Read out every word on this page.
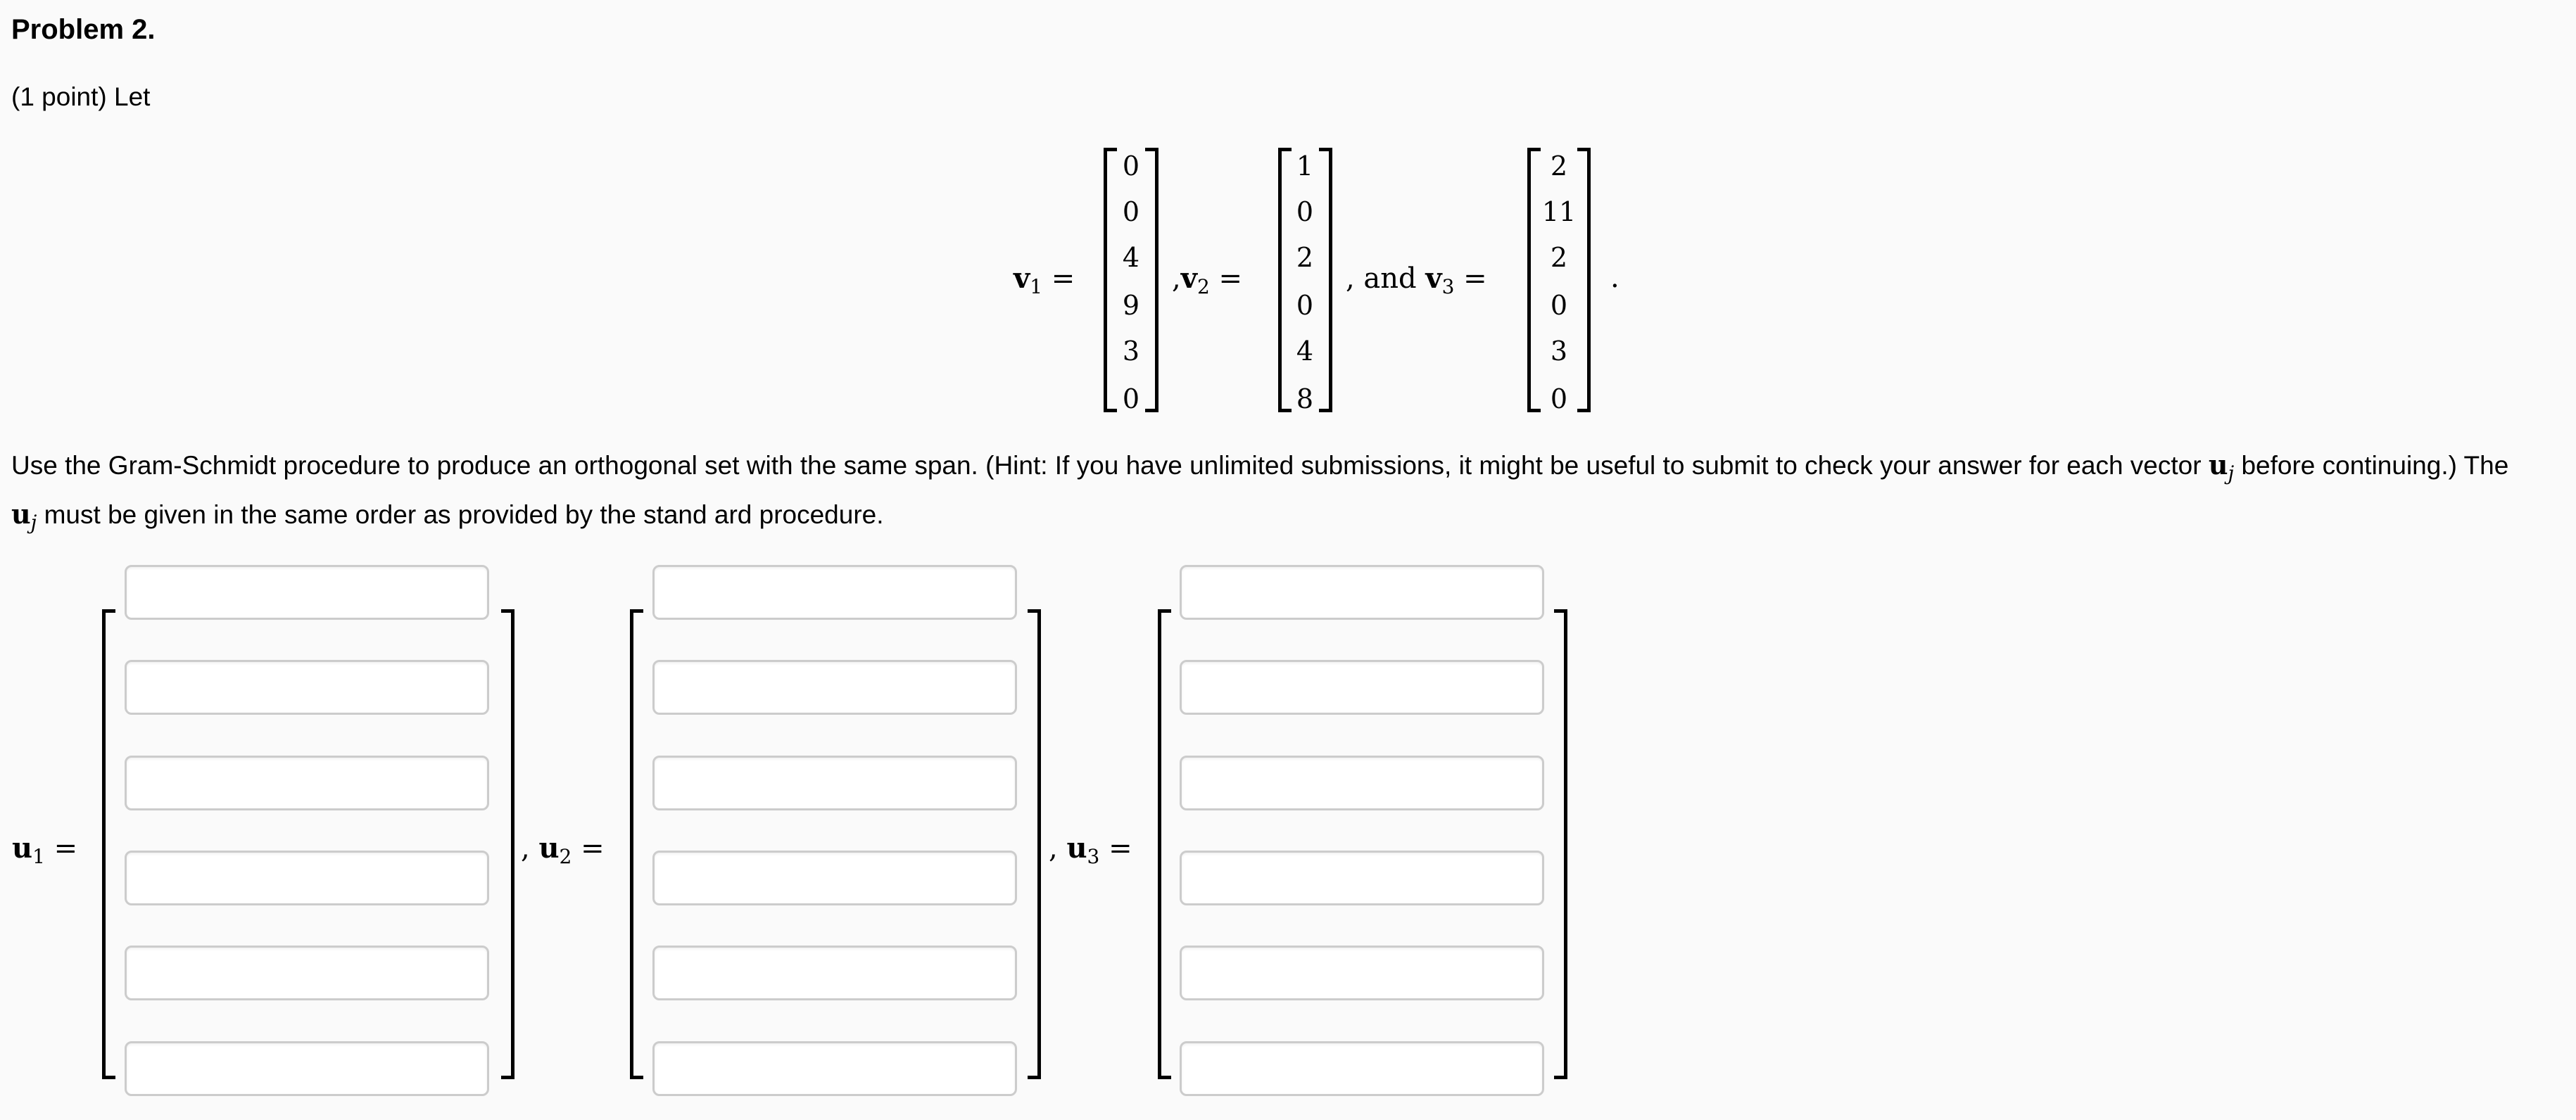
Problem 2.
(1 point) Let
$v_1$ =	$,v_2$ =	, and $v_3$ =	.
0
0
4
9
3
0
1
0
2
0
4
8
2
11
2
0
3
0
Use the Gram-Schmidt procedure to produce an orthogonal set with the same span. (Hint: If you have unlimited submissions, it might be useful to submit to check your answer for each vector $u_j$ before continuing.) The $u_j$ must be given in the same order as provided by the stand ard procedure.
$u_1$ =	, $u_2$ =	, $u_3$ =
